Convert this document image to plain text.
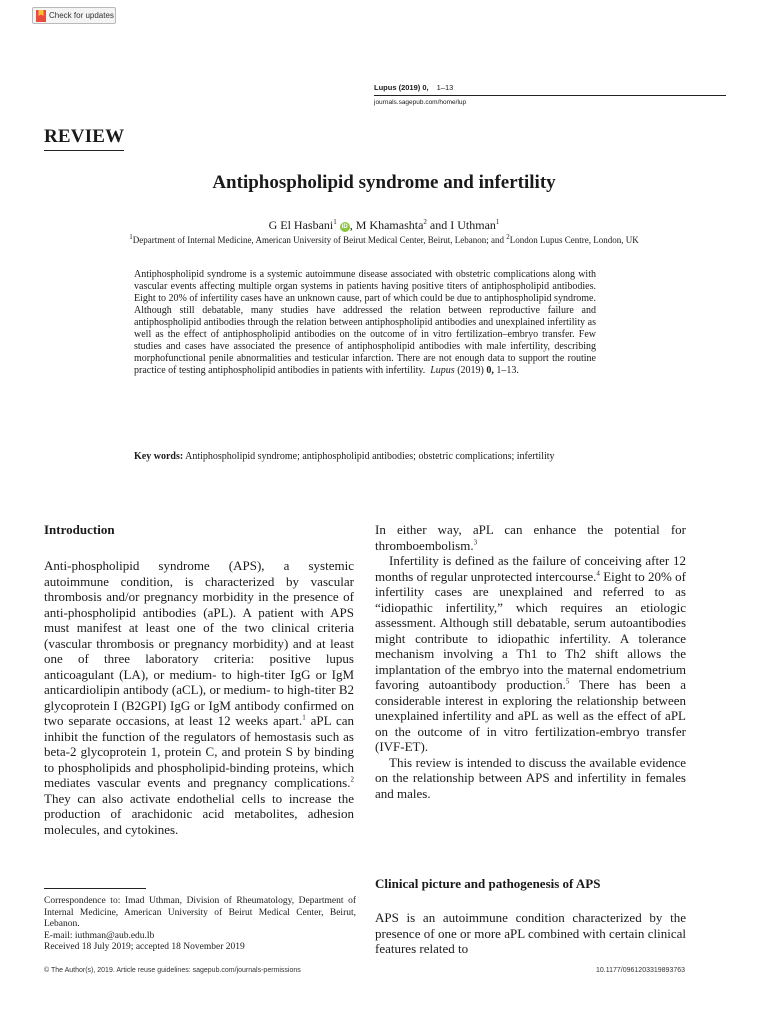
Check for updates
Lupus (2019) 0, 1–13
journals.sagepub.com/home/lup
REVIEW
Antiphospholipid syndrome and infertility
G El Hasbani$^1$ iD , M Khamashta$^2$ and I Uthman$^1$
$^1$Department of Internal Medicine, American University of Beirut Medical Center, Beirut, Lebanon; and $^2$London Lupus Centre, London, UK
Antiphospholipid syndrome is a systemic autoimmune disease associated with obstetric complications along with vascular events affecting multiple organ systems in patients having positive titers of antiphospholipid antibodies. Eight to 20% of infertility cases have an unknown cause, part of which could be due to antiphospholipid syndrome. Although still debatable, many studies have addressed the relation between reproductive failure and antiphospholipid antibodies through the relation between antiphospholipid antibodies and unexplained infertility as well as the effect of antiphospholipid antibodies on the outcome of in vitro fertilization–embryo transfer. Few studies and cases have associated the presence of antiphospholipid antibodies with male infertility, describing morphofunctional penile abnormalities and testicular infarction. There are not enough data to support the routine practice of testing antiphospholipid antibodies in patients with infertility. Lupus (2019) 0, 1–13.
Key words: Antiphospholipid syndrome; antiphospholipid antibodies; obstetric complications; infertility
Introduction

Anti-phospholipid syndrome (APS), a systemic autoimmune condition, is characterized by vascular thrombosis and/or pregnancy morbidity in the presence of anti-phospholipid antibodies (aPL). A patient with APS must manifest at least one of the two clinical criteria (vascular thrombosis or pregnancy morbidity) and at least one of three laboratory criteria: positive lupus anticoagulant (LA), or medium- to high-titer IgG or IgM anticardiolipin antibody (aCL), or medium- to high-titer B2 glycoprotein I (B2GPI) IgG or IgM antibody confirmed on two separate occasions, at least 12 weeks apart.$^1$ aPL can inhibit the function of the regulators of hemostasis such as beta-2 glycoprotein 1, protein C, and protein S by binding to phospholipids and phospholipid-binding proteins, which mediates vascular events and pregnancy complications.$^2$ They can also activate endothelial cells to increase the production of arachidonic acid metabolites, adhesion molecules, and cytokines.

Correspondence to: Imad Uthman, Division of Rheumatology, Department of Internal Medicine, American University of Beirut Medical Center, Beirut, Lebanon.
E-mail: iuthman@aub.edu.lb
Received 18 July 2019; accepted 18 November 2019

In either way, aPL can enhance the potential for thromboembolism.$^3$

Infertility is defined as the failure of conceiving after 12 months of regular unprotected intercourse.$^4$ Eight to 20% of infertility cases are unexplained and referred to as “idiopathic infertility,” which requires an etiologic assessment. Although still debatable, serum autoantibodies might contribute to idiopathic infertility. A tolerance mechanism involving a Th1 to Th2 shift allows the implantation of the embryo into the maternal endometrium favoring autoantibody production.$^5$ There has been a considerable interest in exploring the relationship between unexplained infertility and aPL as well as the effect of aPL on the outcome of in vitro fertilization-embryo transfer (IVF-ET).

This review is intended to discuss the available evidence on the relationship between APS and infertility in females and males.

Clinical picture and pathogenesis of APS
APS is an autoimmune condition characterized by the presence of one or more aPL combined with certain clinical features related to
© The Author(s), 2019. Article reuse guidelines: sagepub.com/journals-permissions	10.1177/0961203319893763
